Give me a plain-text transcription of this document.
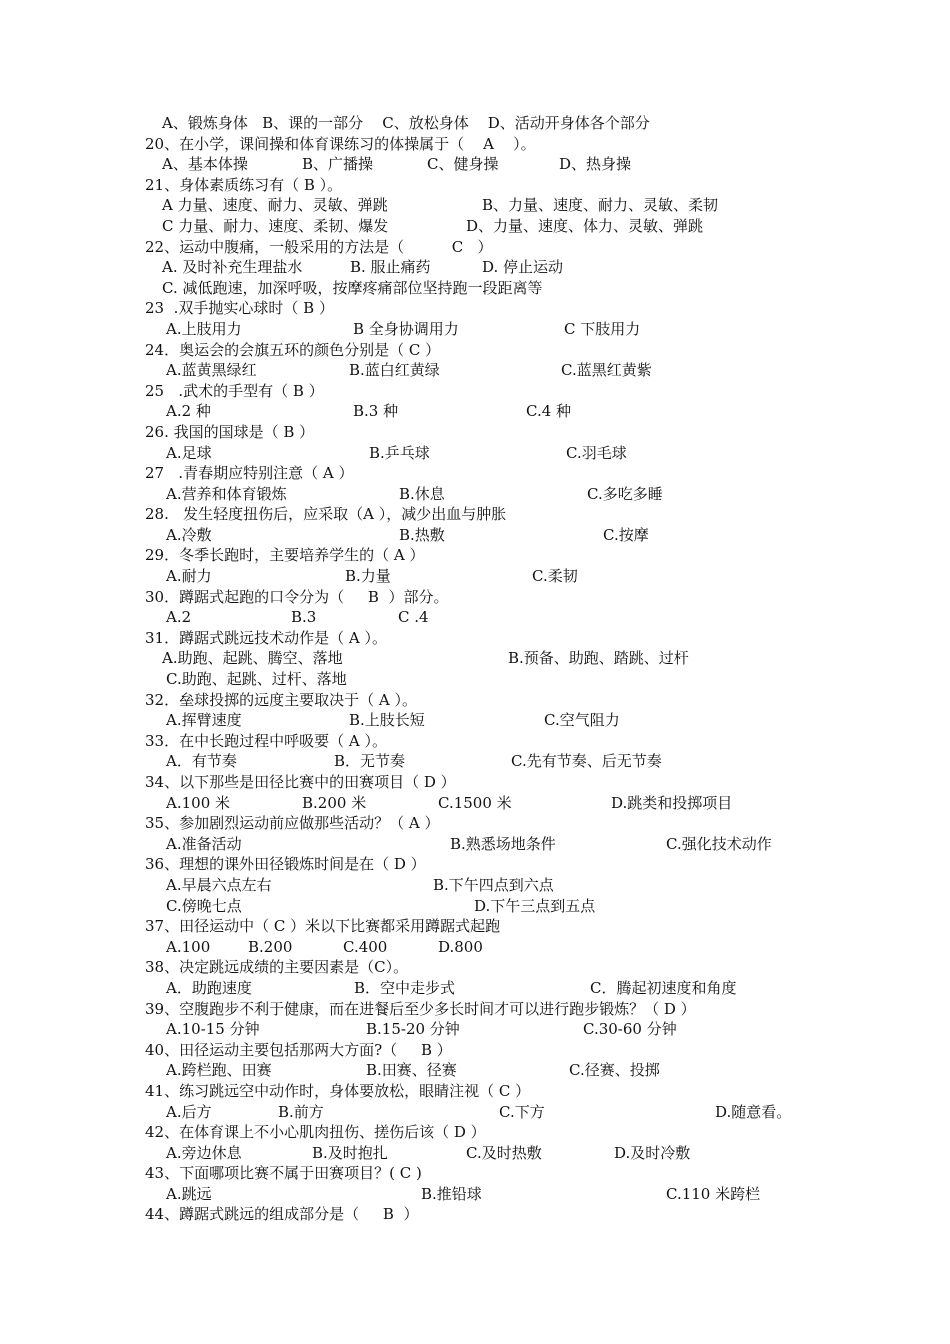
A、锻炼身体   B、课的一部分    C、放松身体    D、活动开身体各个部分
20、在小学，课间操和体育课练习的体操属于（    A    ）。
A、基本体操	B、广播操	C、健身操	D、热身操
21、身体素质练习有（ B ）。
A 力量、速度、耐力、灵敏、弹跳	B、力量、速度、耐力、灵敏、柔韧
C 力量、耐力、速度、柔韧、爆发	D、力量、速度、体力、灵敏、弹跳
22、运动中腹痛，一般采用的方法是（          C   ）
A. 及时补充生理盐水	B. 服止痛药	D. 停止运动
C. 减低跑速，加深呼吸，按摩疼痛部位坚持跑一段距离等
23  .双手抛实心球时（ B ）
A.上肢用力	B 全身协调用力	C 下肢用力
24．奥运会的会旗五环的颜色分别是（ C ）
A.蓝黄黑绿红	B.蓝白红黄绿	C.蓝黑红黄紫
25   .武术的手型有（ B ）
A.2 种	B.3 种	C.4 种
26. 我国的国球是（ B ）
A.足球	B.乒乓球	C.羽毛球
27   .青春期应特别注意（ A ）
A.营养和体育锻炼	B.休息	C.多吃多睡
28.   发生轻度扭伤后，应采取（A ），减少出血与肿胀
A.冷敷	B.热敷	C.按摩
29．冬季长跑时，主要培养学生的（ A ）
A.耐力	B.力量	C.柔韧
30．蹲踞式起跑的口令分为（     B  ）部分。
A.2	B.3	C .4
31．蹲踞式跳远技术动作是（ A ）。
A.助跑、起跳、腾空、落地	B.预备、助跑、踏跳、过杆
C.助跑、起跳、过杆、落地
32．垒球投掷的远度主要取决于（ A ）。
A.挥臂速度	B.上肢长短	C.空气阻力
33．在中长跑过程中呼吸要（ A ）。
A．有节奏	B．无节奏	C.先有节奏、后无节奏
34、以下那些是田径比赛中的田赛项目（ D ）
A.100 米	B.200 米	C.1500 米	D.跳类和投掷项目
35、参加剧烈运动前应做那些活动？（ A ）
A.准备活动	B.熟悉场地条件	C.强化技术动作
36、理想的课外田径锻炼时间是在（ D ）
A.早晨六点左右	B.下午四点到六点
C.傍晚七点	D.下午三点到五点
37、田径运动中（ C ）米以下比赛都采用蹲踞式起跑
A.100	B.200	C.400	D.800
38、决定跳远成绩的主要因素是（C）。
A．助跑速度	B．空中走步式	C．腾起初速度和角度
39、空腹跑步不利于健康，而在进餐后至少多长时间才可以进行跑步锻炼？（ D ）
A.10-15 分钟	B.15-20 分钟	C.30-60 分钟
40、田径运动主要包括那两大方面?（     B ）
A.跨栏跑、田赛	B.田赛、径赛	C.径赛、投掷
41、练习跳远空中动作时，身体要放松，眼睛注视（ C ）
A.后方	B.前方	C.下方	D.随意看。
42、在体育课上不小心肌肉扭伤、搓伤后该（ D ）
A.旁边休息	B.及时抱扎	C.及时热敷	D.及时冷敷
43、下面哪项比赛不属于田赛项目？( C )
A.跳远	B.推铅球	C.110 米跨栏
44、蹲踞式跳远的组成部分是（     B  ）
